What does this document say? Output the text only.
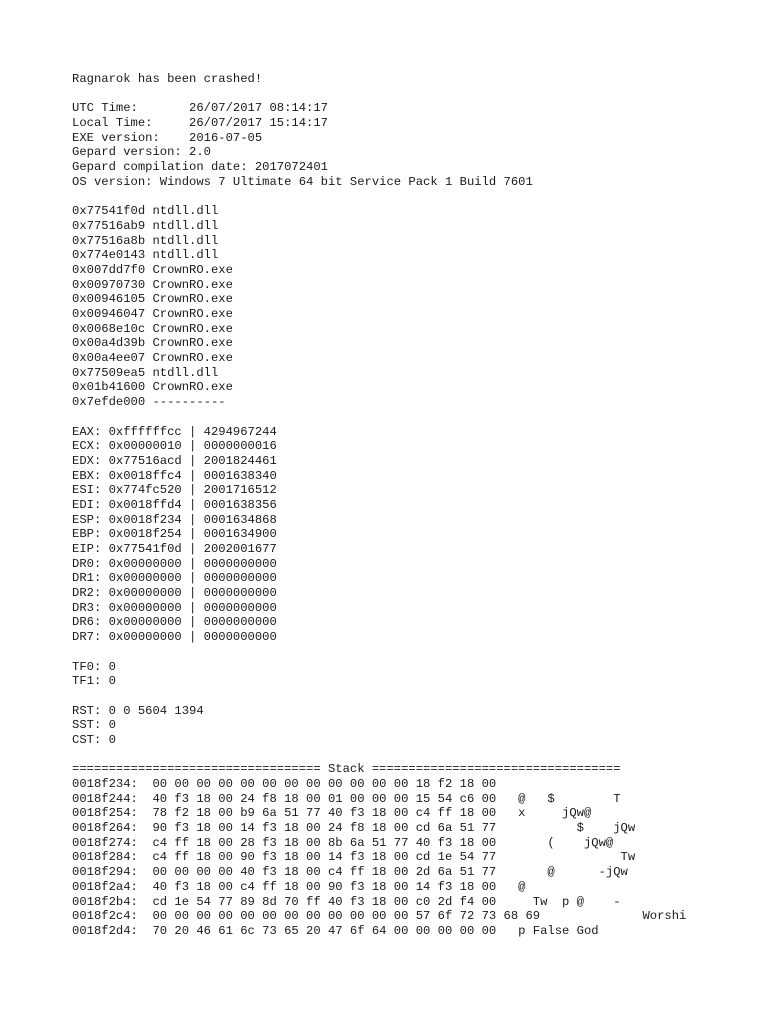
Ragnarok has been crashed!
UTC Time:       26/07/2017 08:14:17
Local Time:     26/07/2017 15:14:17
EXE version:    2016-07-05
Gepard version: 2.0
Gepard compilation date: 2017072401
OS version: Windows 7 Ultimate 64 bit Service Pack 1 Build 7601
0x77541f0d ntdll.dll
0x77516ab9 ntdll.dll
0x77516a8b ntdll.dll
0x774e0143 ntdll.dll
0x007dd7f0 CrownRO.exe
0x00970730 CrownRO.exe
0x00946105 CrownRO.exe
0x00946047 CrownRO.exe
0x0068e10c CrownRO.exe
0x00a4d39b CrownRO.exe
0x00a4ee07 CrownRO.exe
0x77509ea5 ntdll.dll
0x01b41600 CrownRO.exe
0x7efde000 ----------
EAX: 0xffffffcc | 4294967244
ECX: 0x00000010 | 0000000016
EDX: 0x77516acd | 2001824461
EBX: 0x0018ffc4 | 0001638340
ESI: 0x774fc520 | 2001716512
EDI: 0x0018ffd4 | 0001638356
ESP: 0x0018f234 | 0001634868
EBP: 0x0018f254 | 0001634900
EIP: 0x77541f0d | 2002001677
DR0: 0x00000000 | 0000000000
DR1: 0x00000000 | 0000000000
DR2: 0x00000000 | 0000000000
DR3: 0x00000000 | 0000000000
DR6: 0x00000000 | 0000000000
DR7: 0x00000000 | 0000000000
TF0: 0
TF1: 0
RST: 0 0 5604 1394
SST: 0
CST: 0
================================== Stack ==================================
0018f234:  00 00 00 00 00 00 00 00 00 00 00 00 18 f2 18 00
0018f244:  40 f3 18 00 24 f8 18 00 01 00 00 00 15 54 c6 00   @   $        T
0018f254:  78 f2 18 00 b9 6a 51 77 40 f3 18 00 c4 ff 18 00   x     jQw@
0018f264:  90 f3 18 00 14 f3 18 00 24 f8 18 00 cd 6a 51 77           $    jQw
0018f274:  c4 ff 18 00 28 f3 18 00 8b 6a 51 77 40 f3 18 00       (    jQw@
0018f284:  c4 ff 18 00 90 f3 18 00 14 f3 18 00 cd 1e 54 77                 Tw
0018f294:  00 00 00 00 40 f3 18 00 c4 ff 18 00 2d 6a 51 77       @      -jQw
0018f2a4:  40 f3 18 00 c4 ff 18 00 90 f3 18 00 14 f3 18 00   @
0018f2b4:  cd 1e 54 77 89 8d 70 ff 40 f3 18 00 c0 2d f4 00     Tw  p @    -
0018f2c4:  00 00 00 00 00 00 00 00 00 00 00 00 57 6f 72 73 68 69              Worshi
0018f2d4:  70 20 46 61 6c 73 65 20 47 6f 64 00 00 00 00 00   p False God
